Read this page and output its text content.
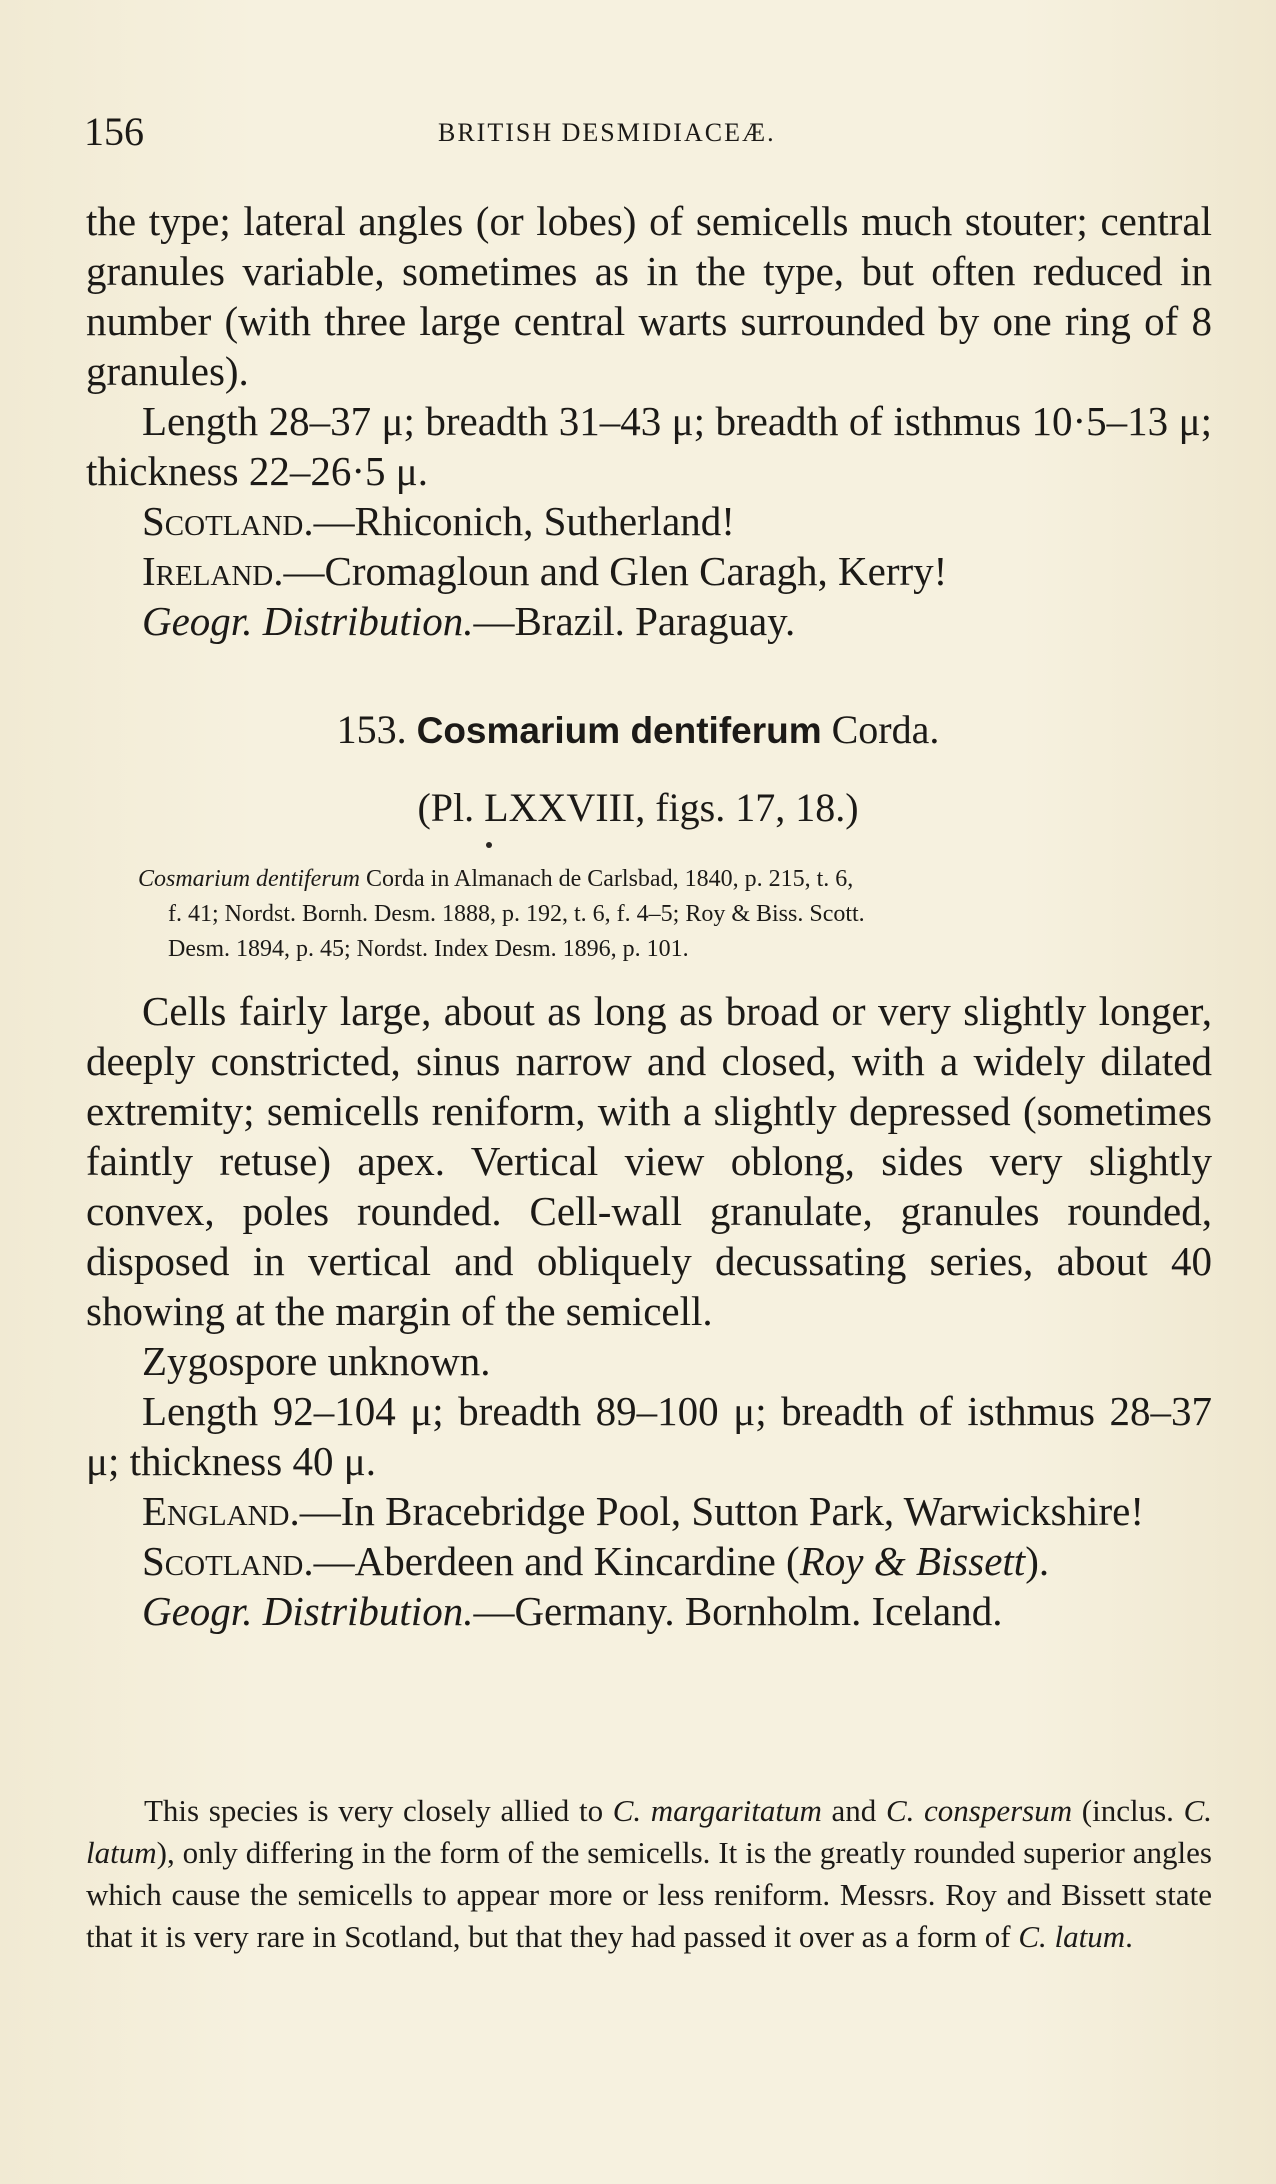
156	BRITISH DESMIDIACEÆ.

the type; lateral angles (or lobes) of semicells much stouter; central granules variable, sometimes as in the type, but often reduced in number (with three large central warts surrounded by one ring of 8 granules).

Length 28–37 μ; breadth 31–43 μ; breadth of isthmus 10·5–13 μ; thickness 22–26·5 μ.

Scotland.—Rhiconich, Sutherland!

Ireland.—Cromagloun and Glen Caragh, Kerry!

Geogr. Distribution.—Brazil. Paraguay.

153. Cosmarium dentiferum Corda.
(Pl. LXXVIII, figs. 17, 18.)
Cosmarium dentiferum Corda in Almanach de Carlsbad, 1840, p. 215, t. 6,
f. 41; Nordst. Bornh. Desm. 1888, p. 192, t. 6, f. 4–5; Roy & Biss. Scott.
Desm. 1894, p. 45; Nordst. Index Desm. 1896, p. 101.

Cells fairly large, about as long as broad or very slightly longer, deeply constricted, sinus narrow and closed, with a widely dilated extremity; semicells reniform, with a slightly depressed (sometimes faintly retuse) apex. Vertical view oblong, sides very slightly convex, poles rounded. Cell-wall granulate, granules rounded, disposed in vertical and obliquely decussating series, about 40 showing at the margin of the semicell.

Zygospore unknown.

Length 92–104 μ; breadth 89–100 μ; breadth of isthmus 28–37 μ; thickness 40 μ.

England.—In Bracebridge Pool, Sutton Park, Warwickshire!

Scotland.—Aberdeen and Kincardine (Roy & Bissett).

Geogr. Distribution.—Germany. Bornholm. Iceland.

This species is very closely allied to C. margaritatum and C. conspersum (inclus. C. latum), only differing in the form of the semicells. It is the greatly rounded superior angles which cause the semicells to appear more or less reniform. Messrs. Roy and Bissett state that it is very rare in Scotland, but that they had passed it over as a form of C. latum.
